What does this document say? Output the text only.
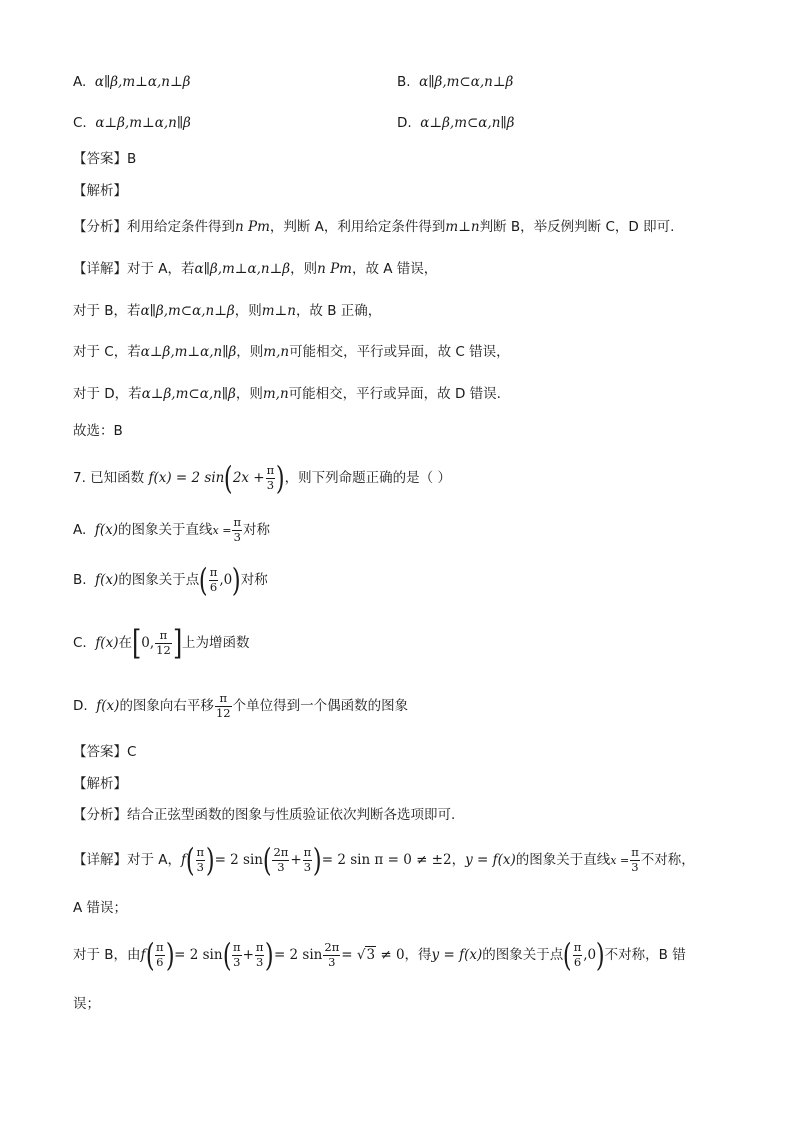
A. α∥β,m⊥α,n⊥β	B. α∥β,m⊂α,n⊥β
C. α⊥β,m⊥α,n∥β	D. α⊥β,m⊂α,n∥β
【答案】B
【解析】
【分析】利用给定条件得到n Pm，判断 A，利用给定条件得到m⊥n判断 B，举反例判断 C，D 即可.
【详解】对于 A，若α∥β,m⊥α,n⊥β，则n Pm，故 A 错误，
对于 B，若α∥β,m⊂α,n⊥β，则m⊥n，故 B 正确，
对于 C，若α⊥β,m⊥α,n∥β，则m,n可能相交，平行或异面，故 C 错误，
对于 D，若α⊥β,m⊂α,n∥β，则m,n可能相交，平行或异面，故 D 错误.
故选：B
7. 已知函数 f(x) = 2 $\sin(2x + \frac{\pi}{3}$ )，则下列命题正确的是（ ）
A. f(x)的图象关于直线$x = \frac{\pi}{3}$ 对称
B. f(x)的图象关于点( $\frac{\pi}{6} ,0$)对称
C. f(x)在[0, $\frac{\pi}{12}$ ]上为增函数
D. f(x)的图象向右平移 $\frac{\pi}{12}$ 个单位得到一个偶函数的图象
【答案】C
【解析】
【分析】结合正弦型函数的图象与性质验证依次判断各选项即可.
【详解】对于 A，$f( \frac{\pi}{3}$ )= 2 $\sin( \frac{2\pi}{3} + \frac{\pi}{3}$ )= 2 sin π = 0 ≠ ±2，y = f(x)的图象关于直线$x = \frac{\pi}{3}$ 不对称，
A 错误；
对于 B，由$f( \frac{\pi}{6}$ )= 2 $\sin( \frac{\pi}{3} + \frac{\pi}{3}$ )= 2 $\sin \frac{2\pi}{3} = √3 \ne 0$，得y = f(x)的图象关于点( $\frac{\pi}{6} ,0$)不对称，B 错
误；
